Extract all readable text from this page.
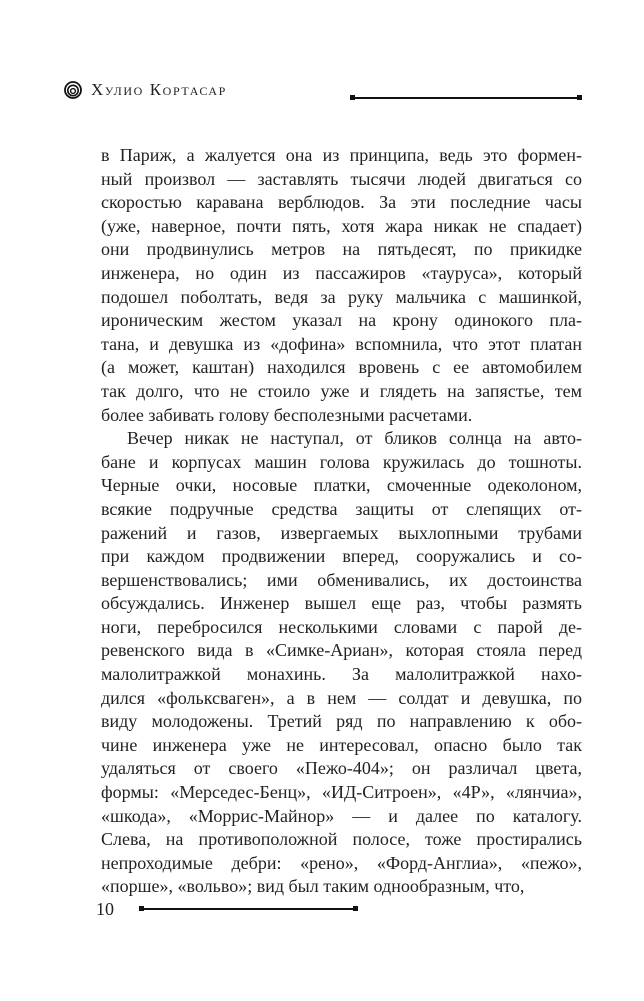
Хулио Кортасар
в Париж, а жалуется она из принципа, ведь это формен-
ный произвол — заставлять тысячи людей двигаться со
скоростью каравана верблюдов. За эти последние часы
(уже, наверное, почти пять, хотя жара никак не спадает)
они продвинулись метров на пятьдесят, по прикидке
инженера, но один из пассажиров «тауруса», который
подошел поболтать, ведя за руку мальчика с машинкой,
ироническим жестом указал на крону одинокого пла-
тана, и девушка из «дофина» вспомнила, что этот платан
(а может, каштан) находился вровень с ее автомобилем
так долго, что не стоило уже и глядеть на запястье, тем
более забивать голову бесполезными расчетами.
Вечер никак не наступал, от бликов солнца на авто-
бане и корпусах машин голова кружилась до тошноты.
Черные очки, носовые платки, смоченные одеколоном,
всякие подручные средства защиты от слепящих от-
ражений и газов, извергаемых выхлопными трубами
при каждом продвижении вперед, сооружались и со-
вершенствовались; ими обменивались, их достоинства
обсуждались. Инженер вышел еще раз, чтобы размять
ноги, перебросился несколькими словами с парой де-
ревенского вида в «Симке-Ариан», которая стояла перед
малолитражкой монахинь. За малолитражкой нахо-
дился «фольксваген», а в нем — солдат и девушка, по
виду молодожены. Третий ряд по направлению к обо-
чине инженера уже не интересовал, опасно было так
удаляться от своего «Пежо-404»; он различал цвета,
формы: «Мерседес-Бенц», «ИД-Ситроен», «4Р», «лянчиа»,
«шкода», «Моррис-Майнор» — и далее по каталогу.
Слева, на противоположной полосе, тоже простирались
непроходимые дебри: «рено», «Форд-Англиа», «пежо»,
«порше», «вольво»; вид был таким однообразным, что,
10
